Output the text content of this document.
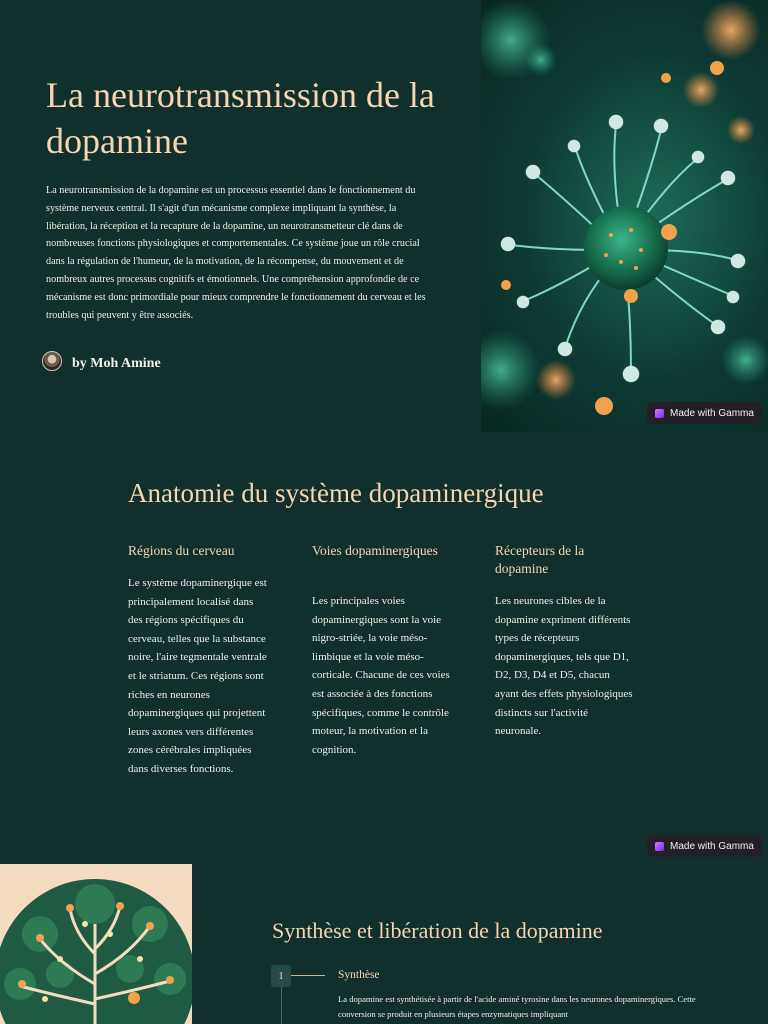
La neurotransmission de la dopamine

La neurotransmission de la dopamine est un processus essentiel dans le fonctionnement du système nerveux central. Il s'agit d'un mécanisme complexe impliquant la synthèse, la libération, la réception et la recapture de la dopamine, un neurotransmetteur clé dans de nombreuses fonctions physiologiques et comportementales. Ce système joue un rôle crucial dans la régulation de l'humeur, de la motivation, de la récompense, du mouvement et de nombreux autres processus cognitifs et émotionnels. Une compréhension approfondie de ce mécanisme est donc primordiale pour mieux comprendre le fonctionnement du cerveau et les troubles qui peuvent y être associés.

by Moh Amine
Made with Gamma
Anatomie du système dopaminergique
Régions du cerveau

Le système dopaminergique est principalement localisé dans des régions spécifiques du cerveau, telles que la substance noire, l'aire tegmentale ventrale et le striatum. Ces régions sont riches en neurones dopaminergiques qui projettent leurs axones vers différentes zones cérébrales impliquées dans diverses fonctions.

Voies dopaminergiques

Les principales voies dopaminergiques sont la voie nigro-striée, la voie méso-limbique et la voie méso-corticale. Chacune de ces voies est associée à des fonctions spécifiques, comme le contrôle moteur, la motivation et la cognition.

Récepteurs de la dopamine

Les neurones cibles de la dopamine expriment différents types de récepteurs dopaminergiques, tels que D1, D2, D3, D4 et D5, chacun ayant des effets physiologiques distincts sur l'activité neuronale.

Made with Gamma
Synthèse et libération de la dopamine
1	Synthèse

La dopamine est synthétisée à partir de l'acide aminé tyrosine dans les neurones dopaminergiques. Cette conversion se produit en plusieurs étapes enzymatiques impliquant
